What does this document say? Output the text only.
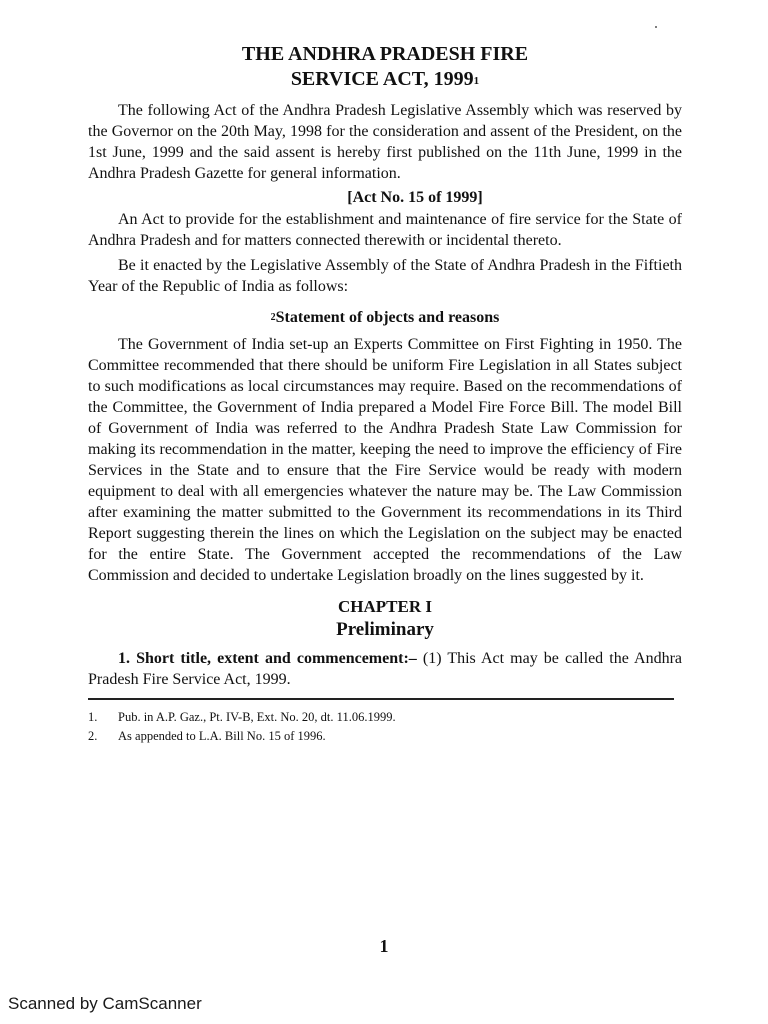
THE ANDHRA PRADESH FIRE
SERVICE ACT, 1999$^1$

The following Act of the Andhra Pradesh Legislative Assembly which was reserved by the Governor on the 20th May, 1998 for the consideration and assent of the President, on the 1st June, 1999 and the said assent is hereby first published on the 11th June, 1999 in the Andhra Pradesh Gazette for general information.

[Act No. 15 of 1999]

An Act to provide for the establishment and maintenance of fire service for the State of Andhra Pradesh and for matters connected therewith or incidental thereto.

Be it enacted by the Legislative Assembly of the State of Andhra Pradesh in the Fiftieth Year of the Republic of India as follows:

$^2$Statement of objects and reasons

The Government of India set-up an Experts Committee on First Fighting in 1950. The Committee recommended that there should be uniform Fire Legislation in all States subject to such modifications as local circumstances may require. Based on the recommendations of the Committee, the Government of India prepared a Model Fire Force Bill. The model Bill of Government of India was referred to the Andhra Pradesh State Law Commission for making its recommendation in the matter, keeping the need to improve the efficiency of Fire Services in the State and to ensure that the Fire Service would be ready with modern equipment to deal with all emergencies whatever the nature may be. The Law Commission after examining the matter submitted to the Government its recommendations in its Third Report suggesting therein the lines on which the Legislation on the subject may be enacted for the entire State. The Government accepted the recommendations of the Law Commission and decided to undertake Legislation broadly on the lines suggested by it.

CHAPTER I
Preliminary

1. Short title, extent and commencement:– (1) This Act may be called the Andhra Pradesh Fire Service Act, 1999.

1.	Pub. in A.P. Gaz., Pt. IV-B, Ext. No. 20, dt. 11.06.1999.
2.	As appended to L.A. Bill No. 15 of 1996.
1
Scanned by CamScanner
